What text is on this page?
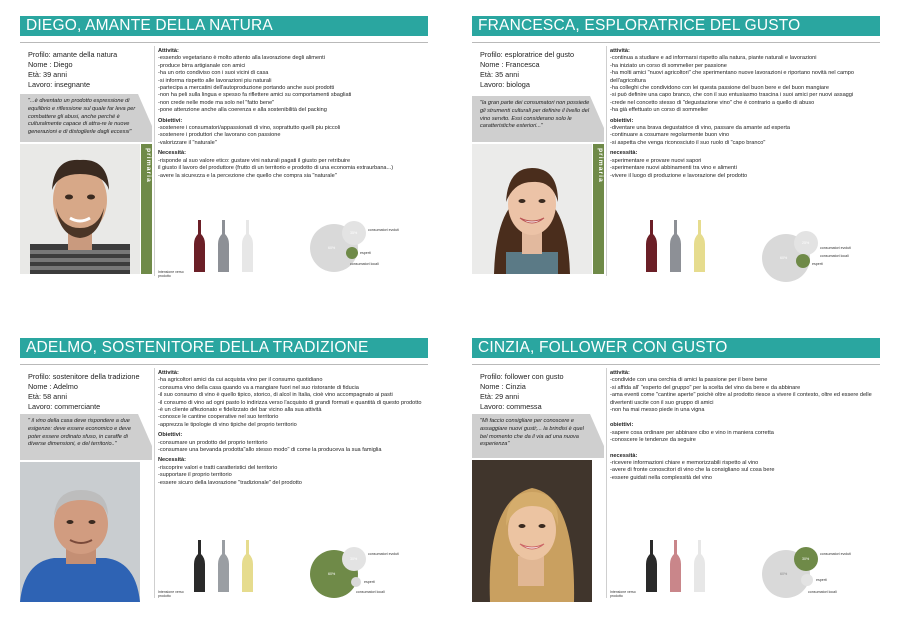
DIEGO, AMANTE DELLA NATURA
Profilo: amante della natura
Nome : Diego
Età: 39 anni
Lavoro: insegnante
"...è diventato un prodotto espressione di equilibrio e riflessione sul quale far leva per combattere gli abusi, anche perché è culturalmente capace di attra-re le nuove generazioni e di distoglierle dagli eccessi"
primaria
Attività:
-essendo vegetariano è molto attento alla lavorazione degli alimenti
-produce birra artigianale con amici
-ha un orto condiviso con i suoi vicini di casa
-si informa rispetto alle lavorazioni piu naturali
-partecipa a mercatini dell'autoproduzione portando anche suoi prodotti
-non ha peli sulla lingua e spesso fa riflettere amici su comportamenti sbagliati
-non crede nelle mode ma solo nel "fatto bene"
-pone attenzione anche alla coerenza e alla sostenibilità del packing
Obiettivi:
-sostenere i consumatori/appassionati di vino, soprattutto quelli piu piccoli
-sostenere i produttori che lavorano con passione
-valorizzare il "naturale"
Necessità:
-risponde al suo valore etico: gustare vini naturali pagati il giusto per retribuire
il giusto il lavoro del produttore (frutto di un territorio e prodotto di una economia extraurbana...)
-avere la sicurezza e la percezione che quello che compra sia "naturale"
Intensione verso prodotto
60%
35%
consumatori evoluti
esperti
consumatori locali
FRANCESCA, ESPLORATRICE DEL GUSTO
Profilo: esploratrice del gusto
Nome : Francesca
Età: 35 anni
Lavoro: biologa
"la gran parte dei consumatori non possiede gli strumenti culturali per definire il livello del vino servito. Essi considerano solo le caratteristiche esteriori..."
primaria
attività:
-continua a studiare e ad informarsi rispetto alla natura, piante naturali e lavorazioni
-ha iniziato un corso di sommelier per passione
-ha molti amici "nuovi agricoltori" che sperimentano nuove lavorazioni e riportano novità nel campo dell'agricoltura
-ha colleghi che condividono con lei questa passione del buon bere e del buon mangiare
-si può definire una capo branco, che con il suo entusiasmo trascina i suoi amici per nuovi assaggi
-crede nel concetto stesso di "degustazione vino" che è contrario a quello di abuso
-ha già effettuato un corso di sommelier
obiettivi:
-diventare una brava degustatrice di vino, passare da amante ad esperta
-continuare a cosumare regolarmente buon vino
-si aspetta che venga riconosciuto il suo ruolo di "capo branco"
necessità:
-sperimentare e provare nuovi sapori
-sperimentare nuovi abbinamenti tra vino e alimenti
-vivere il luogo di produzione e lavorazione del prodotto
60%
25%
consumatori evoluti
esperti
consumatori locali
ADELMO, SOSTENITORE DELLA TRADIZIONE
Profilo: sostenitore della tradizione
Nome : Adelmo
Età: 58 anni
Lavoro: commerciante
" il vino della casa deve rispondere a due esigenze: deve essere economico e deve poter essere ordinato sfuso, in caraffe di diverse dimensioni, e del territorio.."
Attività:
-ha agricoltori amici da cui acquista vino per il consumo quotidiano
-consuma vino della casa quando va a mangiare fuori nel suo ristorante di fiducia
-il suo consumo di vino è quello tipico, storico, di alcol in Italia, cioè vino accompagnato ai pasti
-il consumo di vino ad ogni pasto lo indirizza verso l'acquisto di grandi formati e quantità di questo prodotto
-è un cliente affezionato e fidelizzato del bar vicino alla sua attività
-conosce le cantine cooperative nel suo territorio
-apprezza le tipologie di vino tipiche del proprio territorio
Obiettivi:
-consumare un prodotto del proprio territorio
-consumare una bevanda prodotta"allo stesso modo" di come la produceva la sua famiglia
Necessità:
-riscoprire valori e tratti caratteristici del territorio
-supportare il proprio territorio
-essere sicuro della lavorazione "tradizionale" del prodotto
Intensione verso prodotto
60%
30%
consumatori evoluti
esperti
consumatori locali
CINZIA, FOLLOWER CON GUSTO
Profilo: follower con gusto
Nome : Cinzia
Età: 29 anni
Lavoro: commessa
"Mi faccio consigliare per conoscere e assaggiare nuovi gusti;... la brindisi è quel bel momento che da il via ad una nuova esperienza"
attività:
-condivide con una cerchia di amici la passione per il bere bene
-si affida all' "esperto del gruppo" per la scelta del vino da bere e da abbinare
-ama eventi come "cantine aperte" poichè oltre al prodotto riesce a vivere il contesto, oltre ed essere delle divertenti uscite con il suo gruppo di amici
-non ha mai messo piede in una vigna
obiettivi:
-sapere cosa ordinare per abbinare cibo e vino in maniera corretta
-conoscere le tendenze da seguire
necessità:
-ricevere informazioni chiare e memorizzabili rispetto al vino
-avere di fronte conoscitori di vino che la consigliano sul cosa bere
-essere guidati nella complessità del vino
Intensione verso prodotto
60%
30%
consumatori evoluti
esperti
consumatori locali
